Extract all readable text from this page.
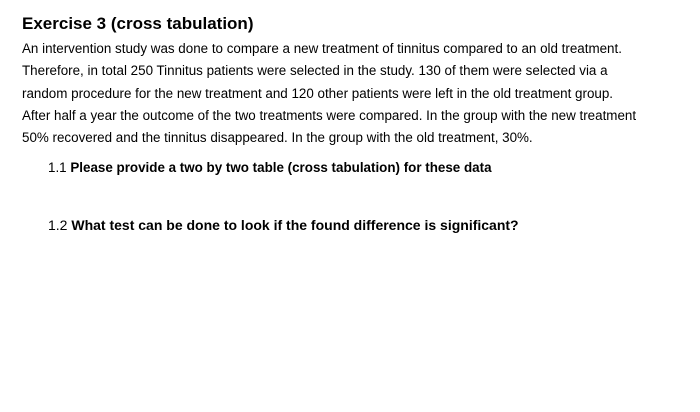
Exercise 3 (cross tabulation)

An intervention study was done to compare a new treatment of tinnitus compared to an old treatment.

Therefore, in total 250 Tinnitus patients were selected in the study. 130 of them were selected via a

random procedure for the new treatment and 120 other patients were left in the old treatment group.

After half a year the outcome of the two treatments were compared. In the group with the new treatment

50% recovered and the tinnitus disappeared. In the group with the old treatment, 30%.

1.1 Please provide a two by two table (cross tabulation) for these data

1.2 What test can be done to look if the found difference is significant?
